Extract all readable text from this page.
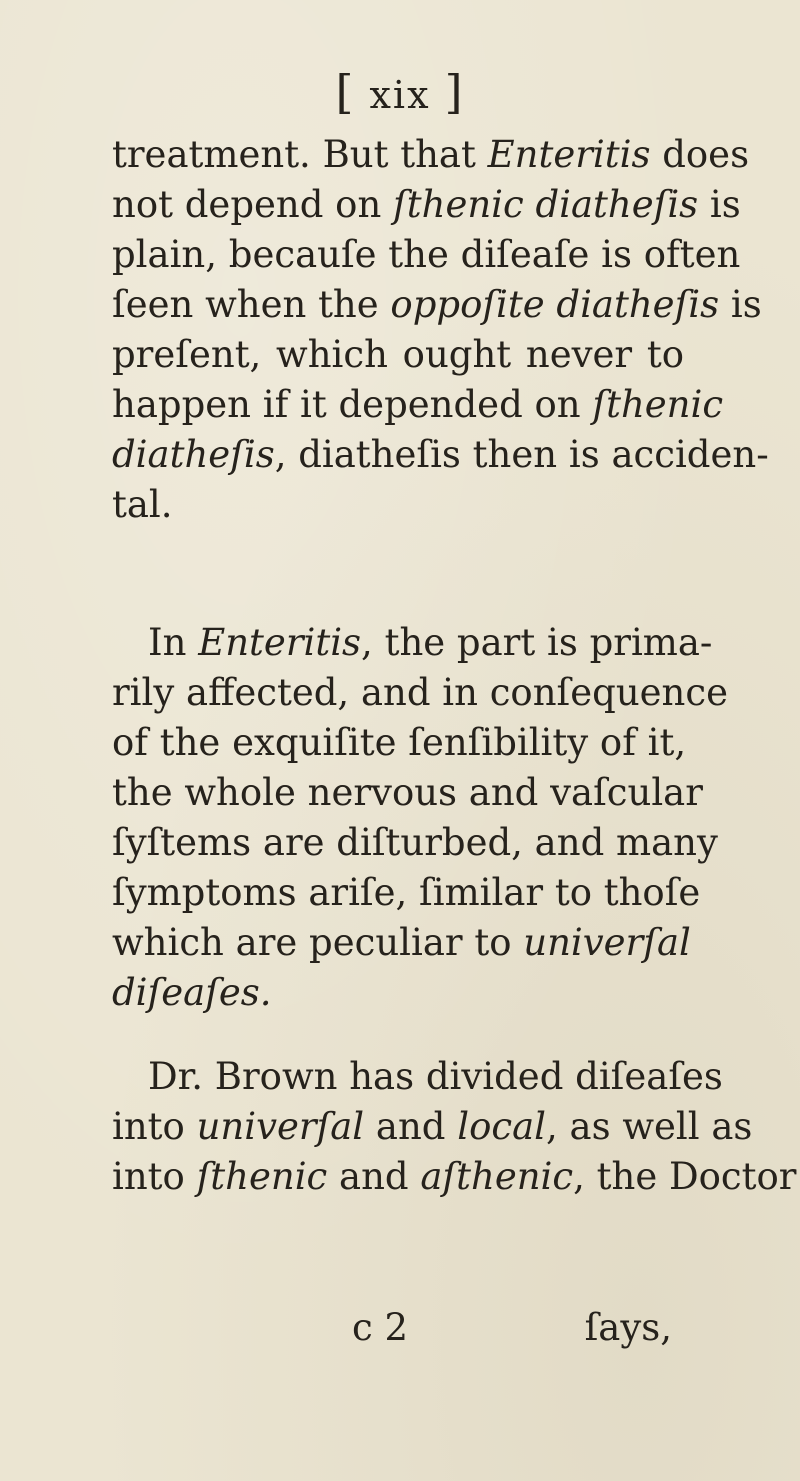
[ xix ]
treatment. But that Enteritis does
not depend on ſthenic diatheſis is
plain, becauſe the diſeaſe is often
ſeen when the oppoſite diatheſis is
preſent, which ought never to
happen if it depended on ſthenic
diatheſis, diatheſis then is acciden-
tal.
In Enteritis, the part is prima-
rily affected, and in conſequence
of the exquiſite ſenſibility of it,
the whole nervous and vaſcular
ſyſtems are diſturbed, and many
ſymptoms ariſe, ſimilar to thoſe
which are peculiar to univerſal
diſeaſes.
Dr. Brown has divided diſeaſes
into univerſal and local, as well as
into ſthenic and aſthenic, the Doctor
c 2	ſays,
